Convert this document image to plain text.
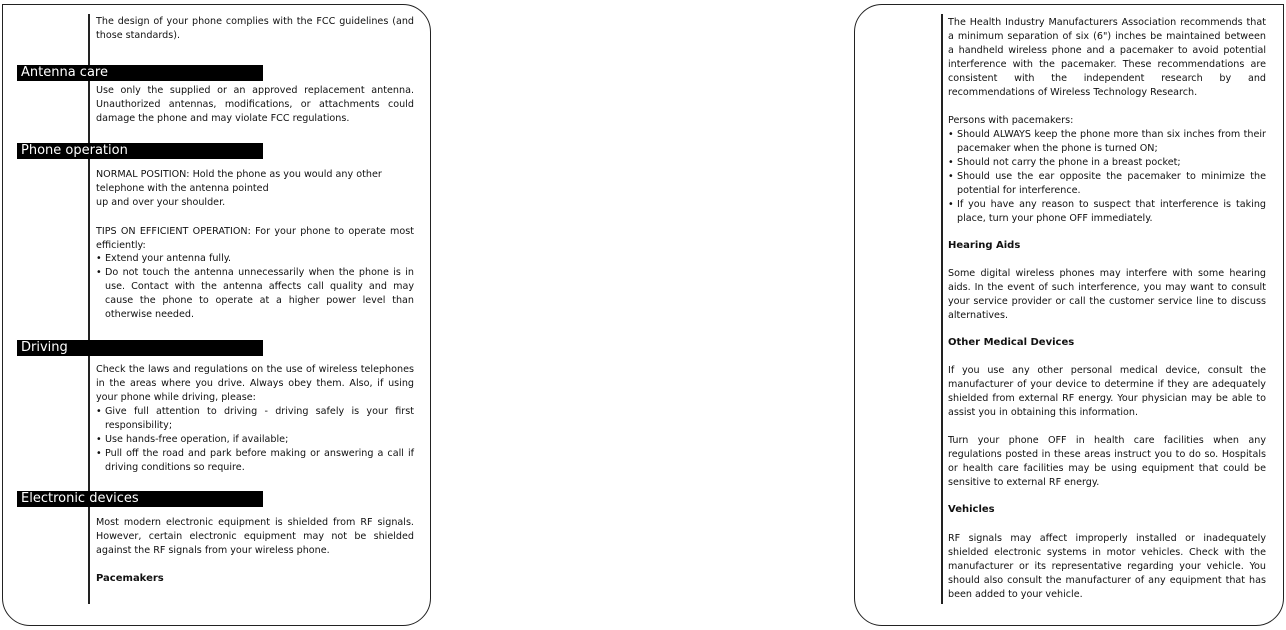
The design of your phone complies with the FCC guidelines (and those standards).

Antenna care

Use only the supplied or an approved replacement antenna. Unauthorized antennas, modifications, or attachments could damage the phone and may violate FCC regulations.

Phone operation
NORMAL POSITION: Hold the phone as you would any other
telephone with the antenna pointed
up and over your shoulder.

TIPS ON EFFICIENT OPERATION: For your phone to operate most efficiently:

• Extend your antenna fully.
• Do not touch the antenna unnecessarily when the phone is in use. Contact with the antenna affects call quality and may cause the phone to operate at a higher power level than otherwise needed.
Driving

Check the laws and regulations on the use of wireless telephones in the areas where you drive. Always obey them. Also, if using your phone while driving, please:

• Give full attention to driving - driving safely is your first responsibility;
• Use hands-free operation, if available;
• Pull off the road and park before making or answering a call if driving conditions so require.
Electronic devices

Most modern electronic equipment is shielded from RF signals. However, certain electronic equipment may not be shielded against the RF signals from your wireless phone.

Pacemakers

The Health Industry Manufacturers Association recommends that a minimum separation of six (6") inches be maintained between a handheld wireless phone and a pacemaker to avoid potential interference with the pacemaker. These recommendations are consistent with the independent research by and recommendations of Wireless Technology Research.

Persons with pacemakers:
• Should ALWAYS keep the phone more than six inches from their pacemaker when the phone is turned ON;
• Should not carry the phone in a breast pocket;
• Should use the ear opposite the pacemaker to minimize the potential for interference.
• If you have any reason to suspect that interference is taking place, turn your phone OFF immediately.
Hearing Aids

Some digital wireless phones may interfere with some hearing aids. In the event of such interference, you may want to consult your service provider or call the customer service line to discuss alternatives.

Other Medical Devices

If you use any other personal medical device, consult the manufacturer of your device to determine if they are adequately shielded from external RF energy. Your physician may be able to assist you in obtaining this information.

Turn your phone OFF in health care facilities when any regulations posted in these areas instruct you to do so. Hospitals or health care facilities may be using equipment that could be sensitive to external RF energy.

Vehicles

RF signals may affect improperly installed or inadequately shielded electronic systems in motor vehicles. Check with the manufacturer or its representative regarding your vehicle. You should also consult the manufacturer of any equipment that has been added to your vehicle.
